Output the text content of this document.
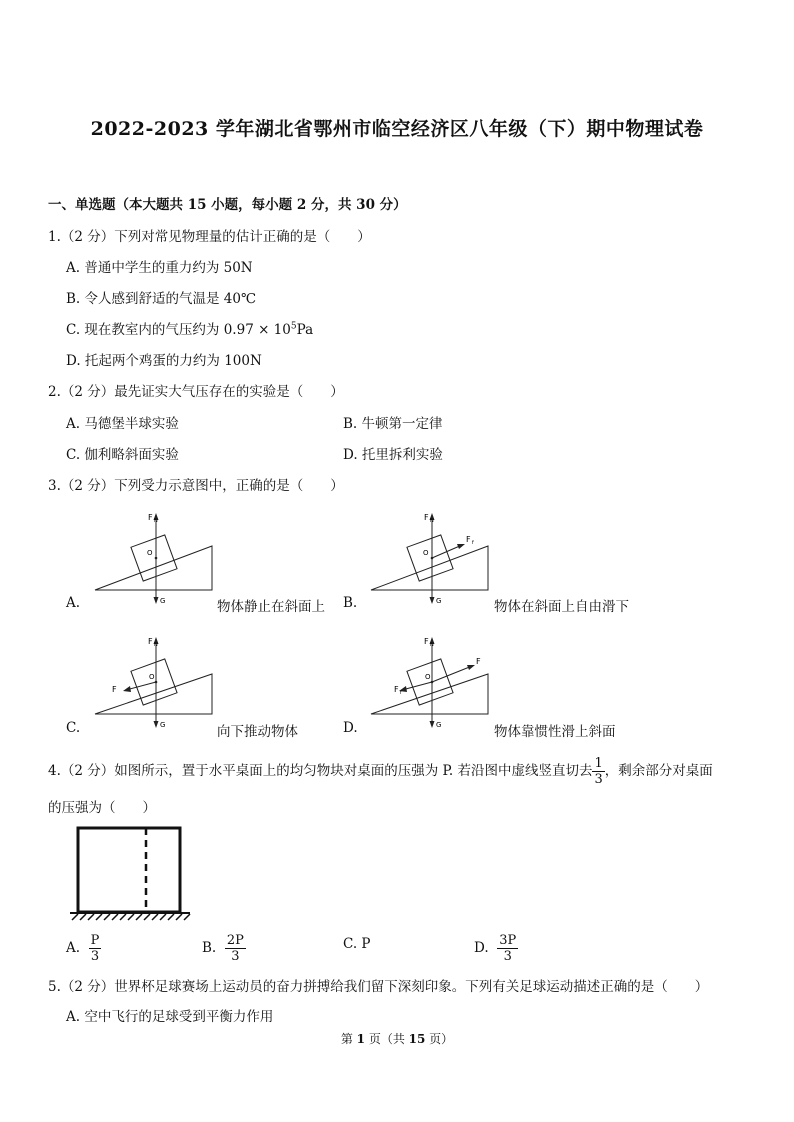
2022-2023 学年湖北省鄂州市临空经济区八年级（下）期中物理试卷
一、单选题（本大题共 15 小题，每小题 2 分，共 30 分）
1.（2 分）下列对常见物理量的估计正确的是（　　）
A. 普通中学生的重力约为 50N
B. 令人感到舒适的气温是 40℃
C. 现在教室内的气压约为 $0.97 \times 10^5Pa$
D. 托起两个鸡蛋的力约为 100N
2.（2 分）最先证实大气压存在的实验是（　　）
A. 马德堡半球实验	B. 牛顿第一定律
C. 伽利略斜面实验	D. 托里拆利实验
3.（2 分）下列受力示意图中，正确的是（　　）
O
F N
G
A.	物体静止在斜面上
O
F N
F f
G
B.	物体在斜面上自由滑下
O
F N
F
G
C.	向下推动物体
O
F N
F
F f
G
D.	物体靠惯性滑上斜面
4.（2 分）如图所示，置于水平桌面上的均匀物块对桌面的压强为 P. 若沿图中虚线竖直切去 $\frac{1}{3}$ ，剩余部分对桌面
的压强为（　　）
A. $\frac{P}{3}$	B. $\frac{2P}{3}$	C. P	D. $\frac{3P}{3}$
5.（2 分）世界杯足球赛场上运动员的奋力拼搏给我们留下深刻印象。下列有关足球运动描述正确的是（　　）
A. 空中飞行的足球受到平衡力作用
第 1 页（共 15 页）
